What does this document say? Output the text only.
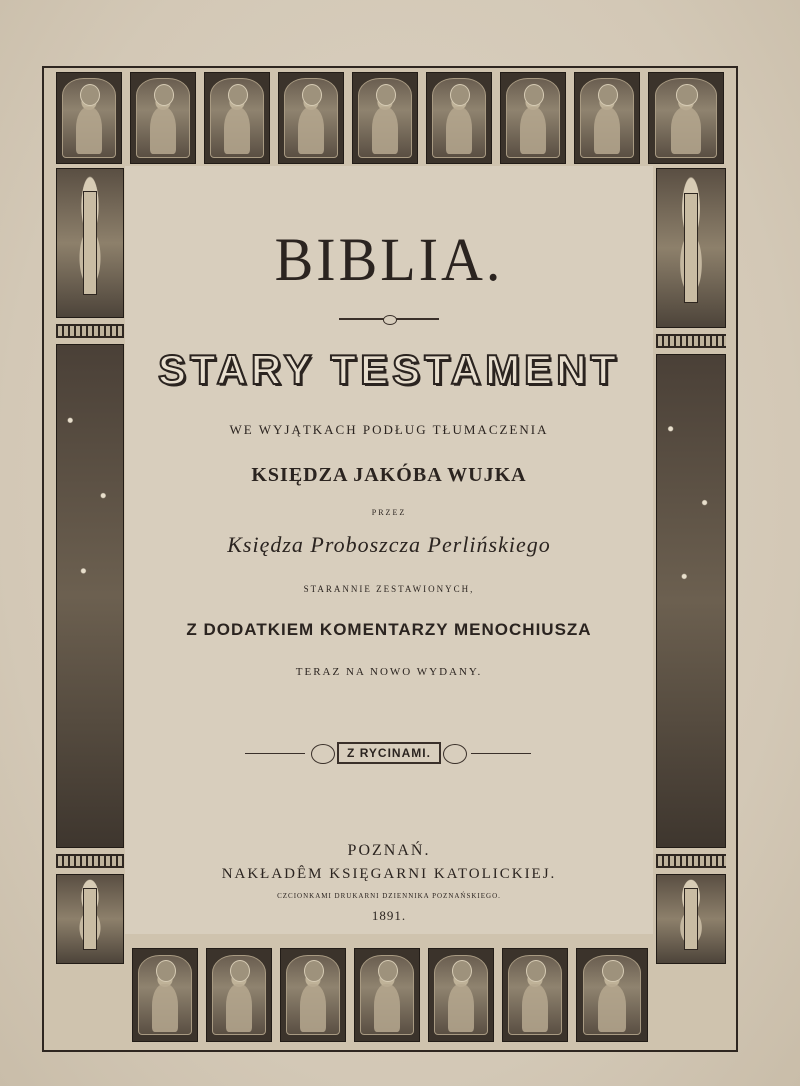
BIBLIA.
STARY TESTAMENT
WE WYJĄTKACH PODŁUG TŁUMACZENIA
KSIĘDZA JAKÓBA WUJKA
PRZEZ
Księdza Proboszcza Perlińskiego
STARANNIE ZESTAWIONYCH,
Z DODATKIEM KOMENTARZY MENOCHIUSZA
TERAZ NA NOWO WYDANY.
Z RYCINAMI.
POZNAŃ.
NAKŁADÊM KSIĘGARNI KATOLICKIEJ.
CZCIONKAMI DRUKARNI DZIENNIKA POZNAŃSKIEGO.
1891.
